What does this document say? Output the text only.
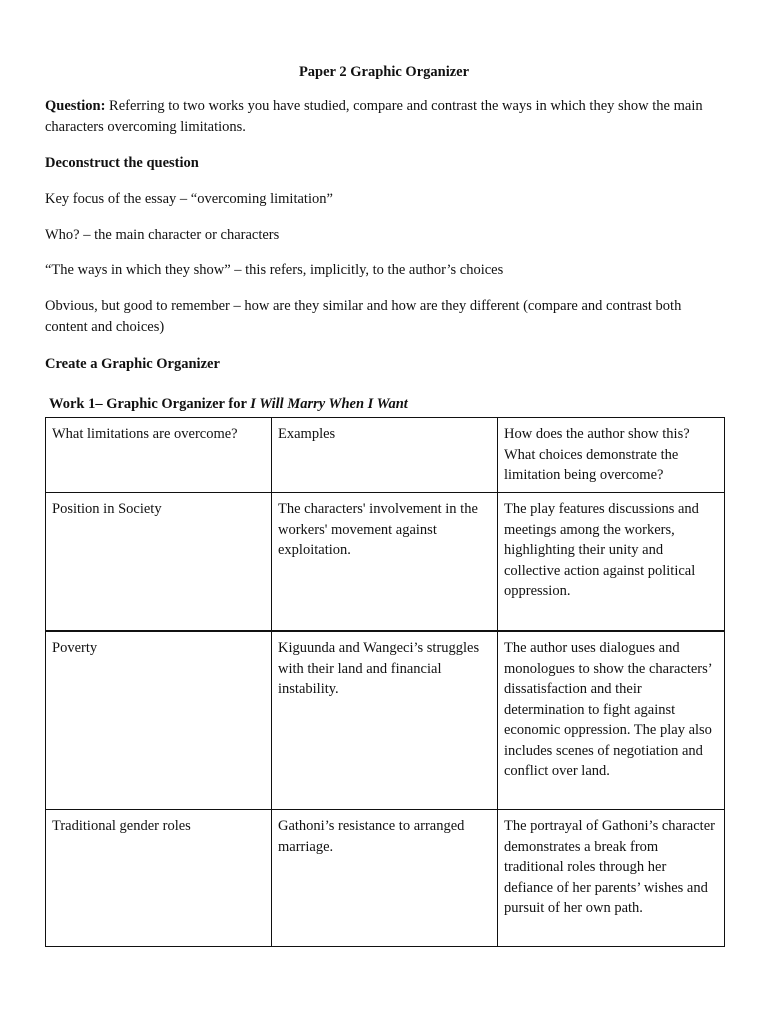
Paper 2 Graphic Organizer

Question: Referring to two works you have studied, compare and contrast the ways in which they show the main characters overcoming limitations.

Deconstruct the question

Key focus of the essay – “overcoming limitation”

Who? – the main character or characters

“The ways in which they show” – this refers, implicitly, to the author’s choices

Obvious, but good to remember – how are they similar and how are they different (compare and contrast both content and choices)

Create a Graphic Organizer

Work 1– Graphic Organizer for I Will Marry When I Want

What limitations are overcome?	Examples	How does the author show this? What choices demonstrate the limitation being overcome?
Position in Society	The characters' involvement in the workers' movement against exploitation.	The play features discussions and meetings among the workers, highlighting their unity and collective action against political oppression.
Poverty	Kiguunda and Wangeci’s struggles with their land and financial instability.	The author uses dialogues and monologues to show the characters’ dissatisfaction and their determination to fight against economic oppression. The play also includes scenes of negotiation and conflict over land.
Traditional gender roles	Gathoni’s resistance to arranged marriage.	The portrayal of Gathoni’s character demonstrates a break from traditional roles through her defiance of her parents’ wishes and pursuit of her own path.
